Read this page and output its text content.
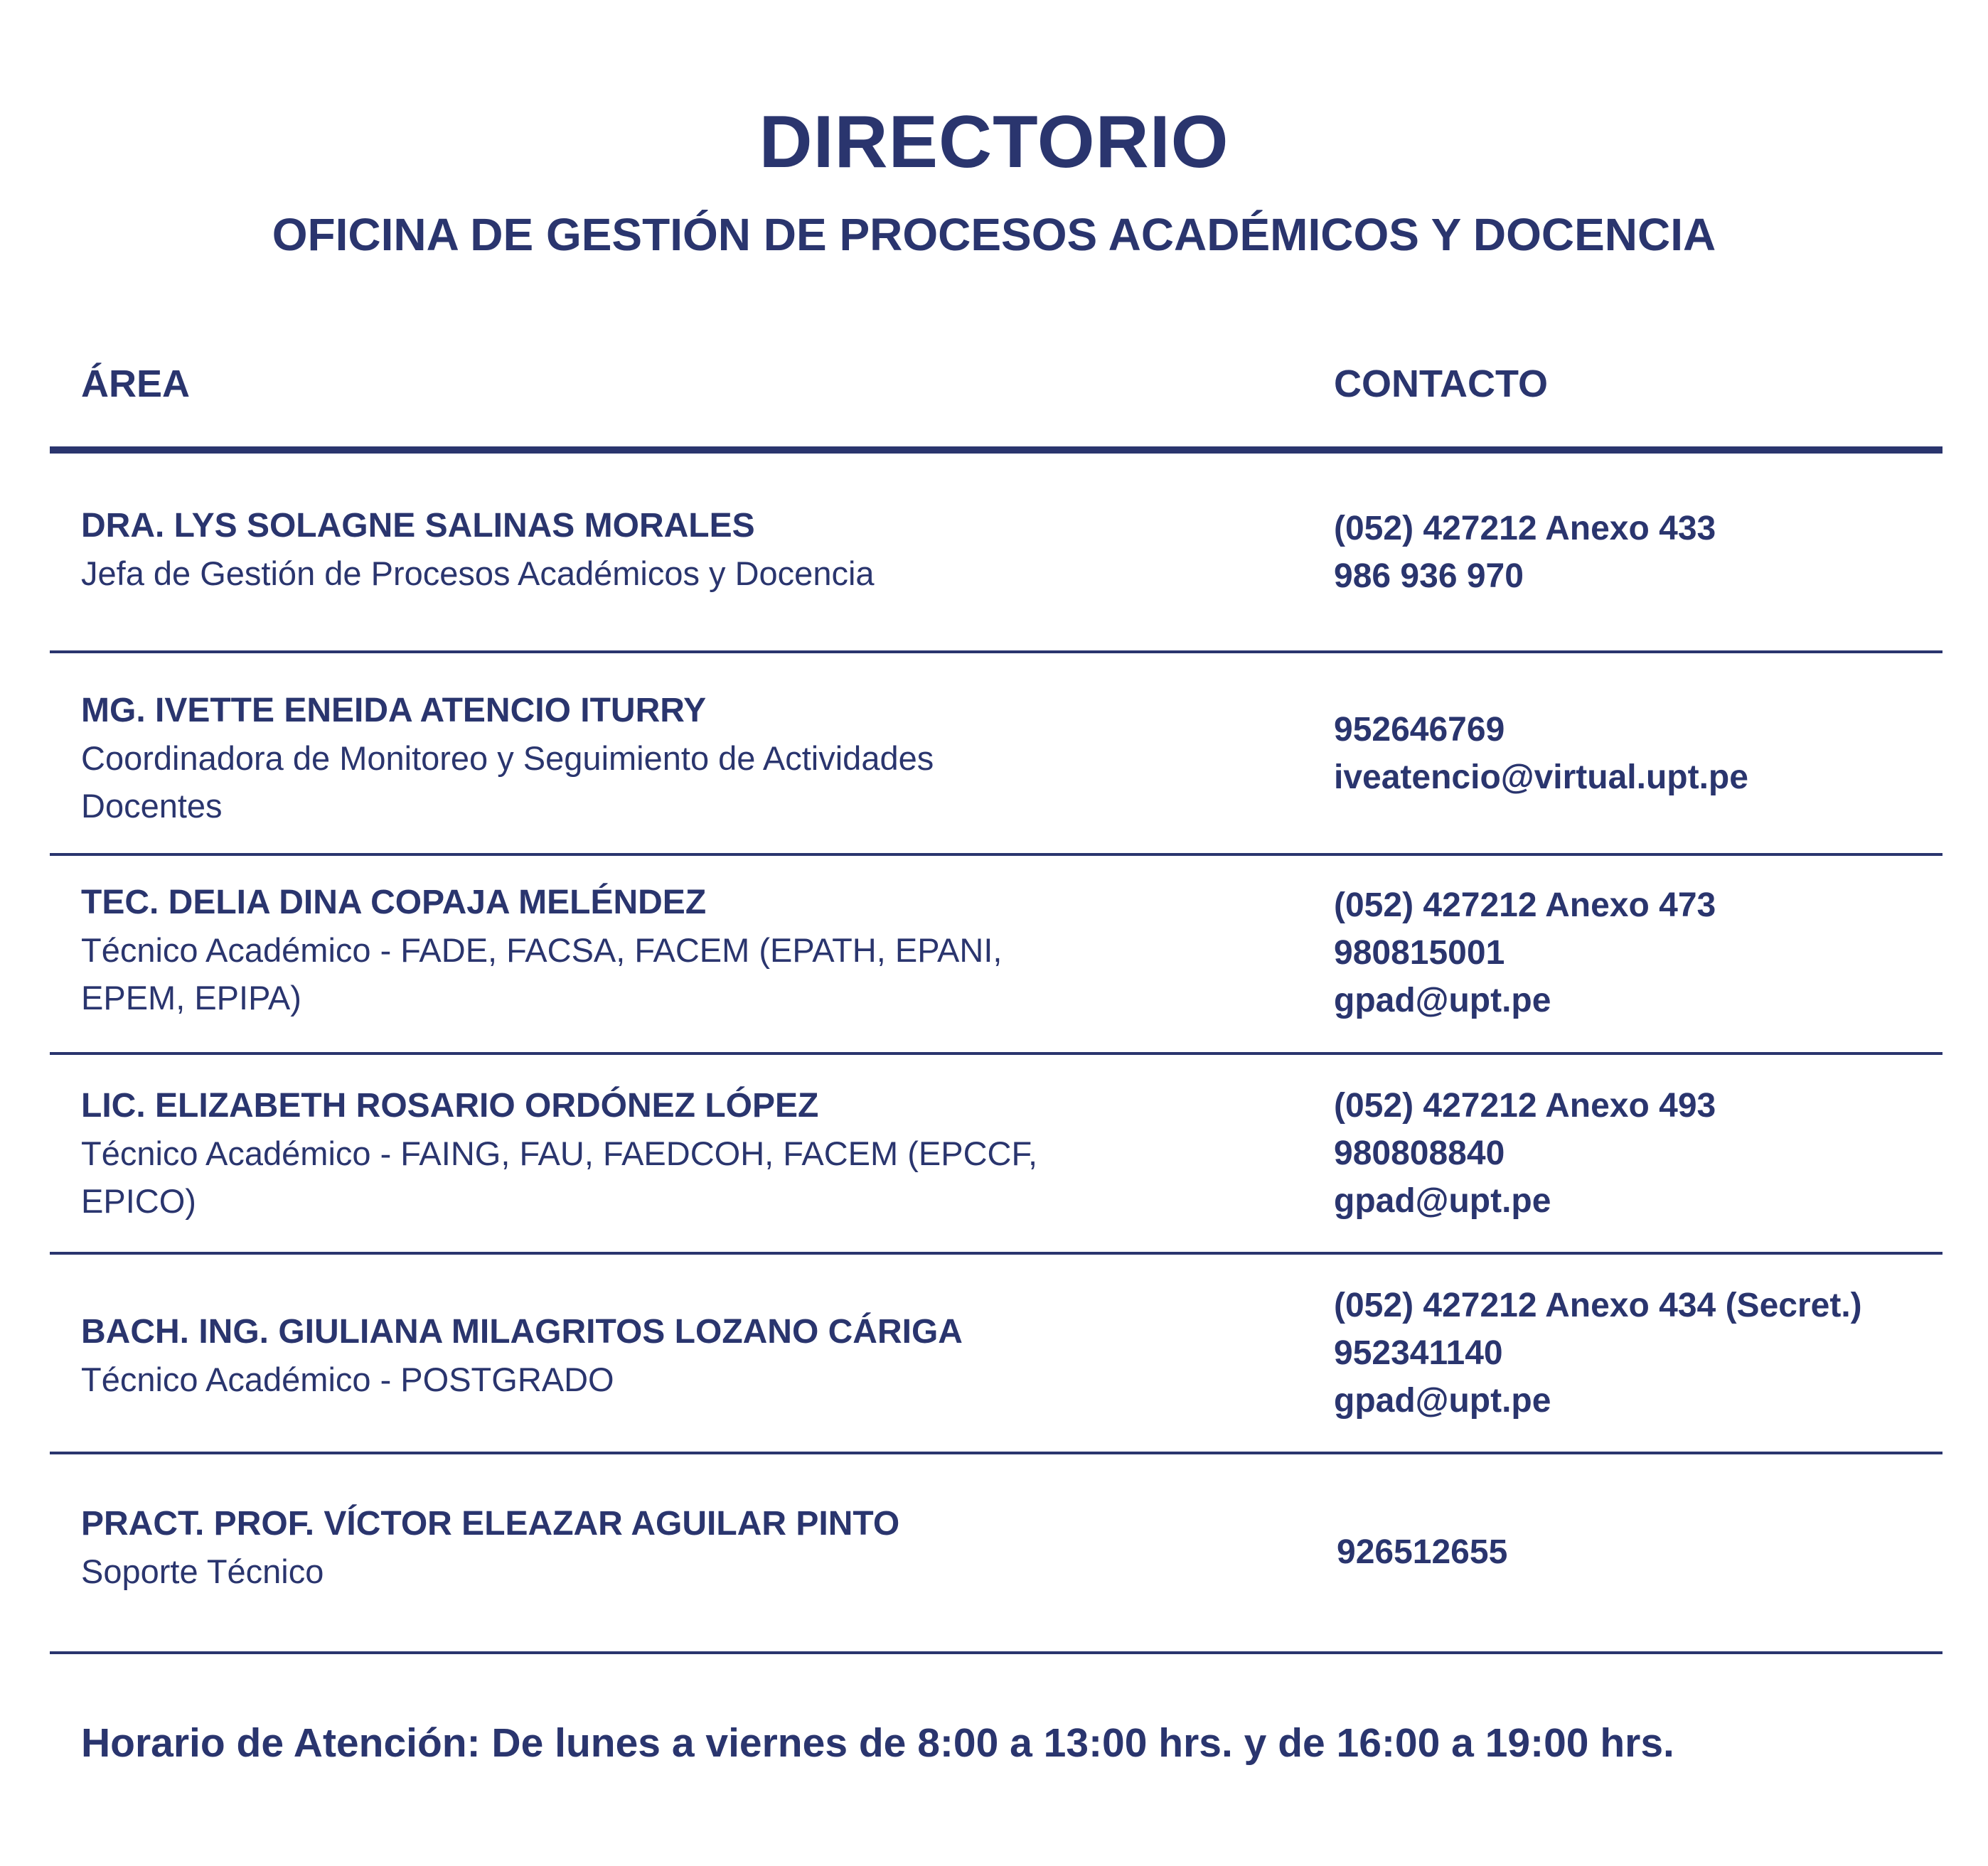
DIRECTORIO
OFICINA DE GESTIÓN DE PROCESOS ACADÉMICOS Y DOCENCIA
ÁREA	CONTACTO
DRA. LYS SOLAGNE SALINAS MORALES
Jefa de Gestión de Procesos Académicos y Docencia
(052) 427212 Anexo 433
986 936 970
MG. IVETTE ENEIDA ATENCIO ITURRY
Coordinadora de Monitoreo y Seguimiento de Actividades Docentes
952646769
iveatencio@virtual.upt.pe
TEC. DELIA DINA COPAJA MELÉNDEZ
Técnico Académico - FADE, FACSA, FACEM (EPATH, EPANI, EPEM, EPIPA)
(052) 427212 Anexo 473
980815001
gpad@upt.pe
LIC. ELIZABETH ROSARIO ORDÓNEZ LÓPEZ
Técnico Académico - FAING, FAU, FAEDCOH, FACEM (EPCCF, EPICO)
(052) 427212 Anexo 493
980808840
gpad@upt.pe
BACH. ING. GIULIANA MILAGRITOS LOZANO CÁRIGA
Técnico Académico - POSTGRADO
(052) 427212 Anexo 434 (Secret.)
952341140
gpad@upt.pe
PRACT. PROF. VÍCTOR ELEAZAR AGUILAR PINTO
Soporte Técnico
926512655
Horario de Atención: De lunes a viernes de 8:00 a 13:00 hrs. y de 16:00 a 19:00 hrs.
